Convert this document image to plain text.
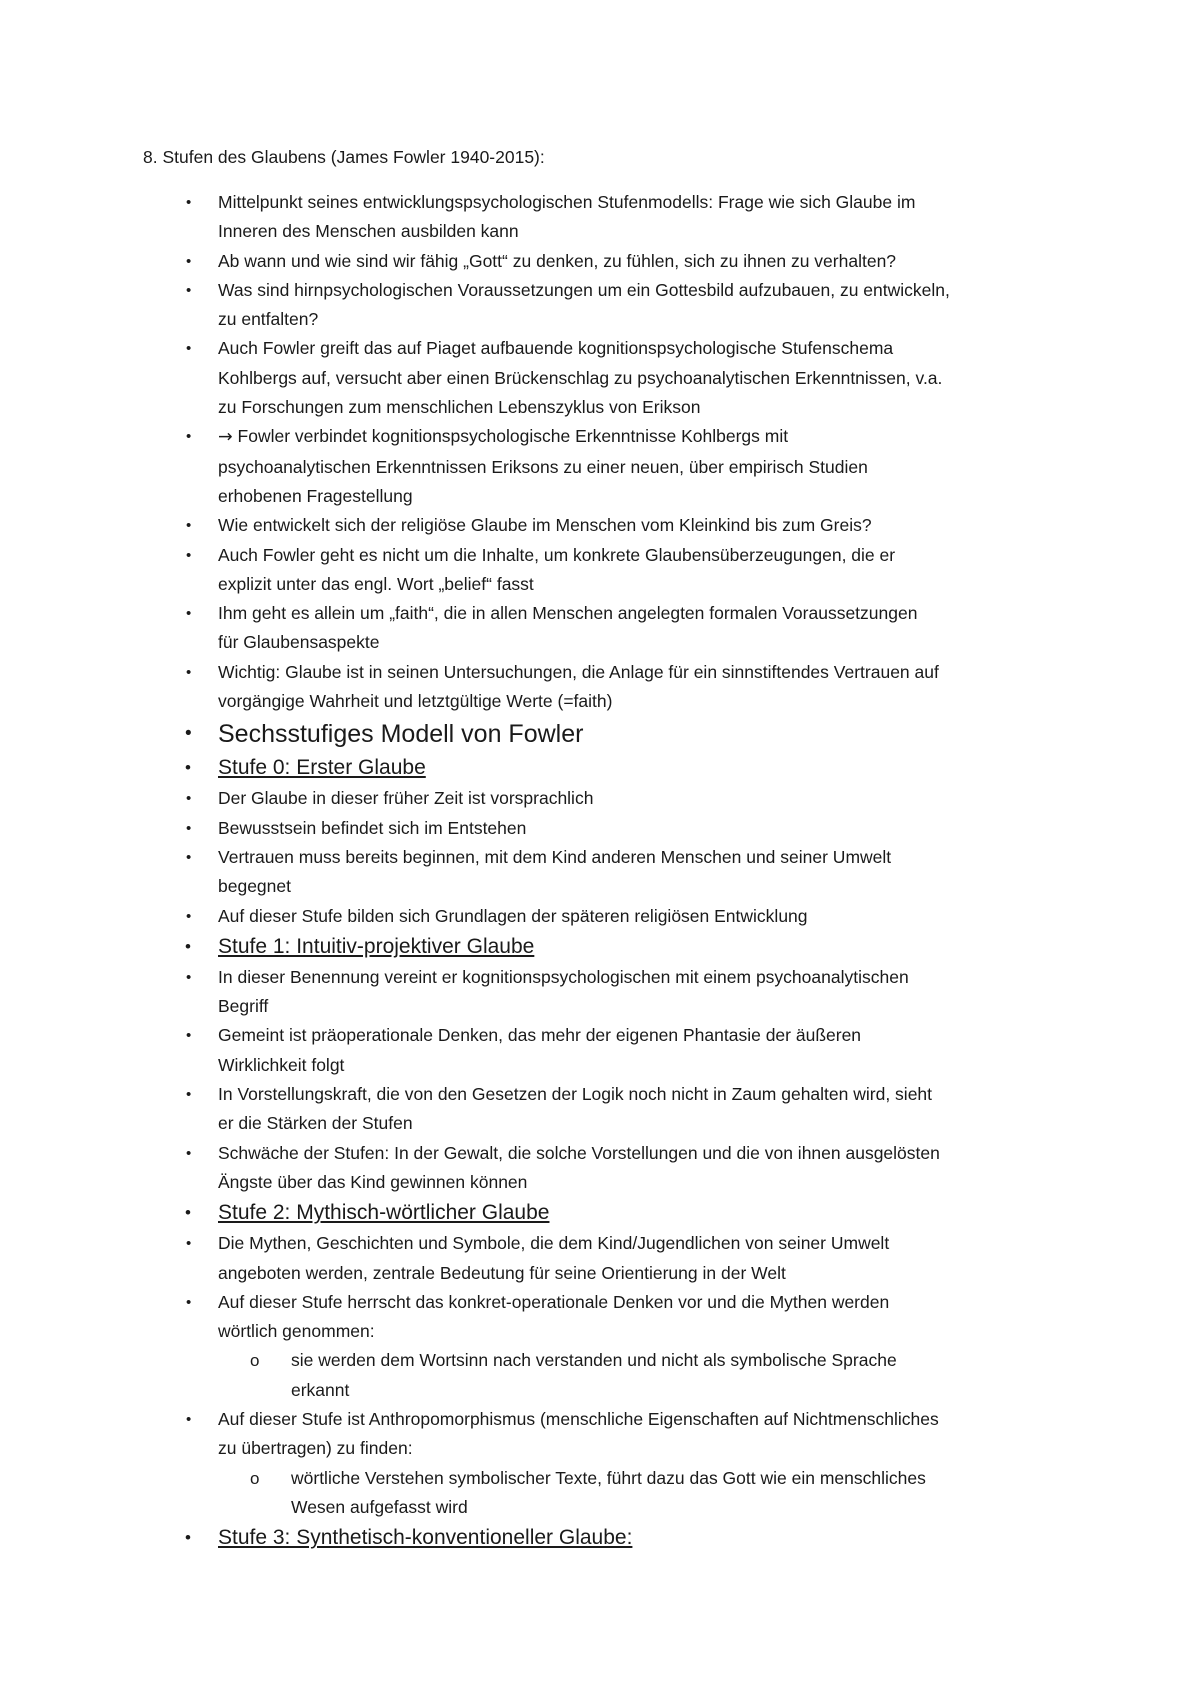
8. Stufen des Glaubens (James Fowler 1940-2015):
• Mittelpunkt seines entwicklungspsychologischen Stufenmodells: Frage wie sich Glaube im
Inneren des Menschen ausbilden kann
• Ab wann und wie sind wir fähig „Gott“ zu denken, zu fühlen, sich zu ihnen zu verhalten?
• Was sind hirnpsychologischen Voraussetzungen um ein Gottesbild aufzubauen, zu entwickeln,
zu entfalten?
• Auch Fowler greift das auf Piaget aufbauende kognitionspsychologische Stufenschema
Kohlbergs auf, versucht aber einen Brückenschlag zu psychoanalytischen Erkenntnissen, v.a.
zu Forschungen zum menschlichen Lebenszyklus von Erikson
• → Fowler verbindet kognitionspsychologische Erkenntnisse Kohlbergs mit
psychoanalytischen Erkenntnissen Eriksons zu einer neuen, über empirisch Studien
erhobenen Fragestellung
• Wie entwickelt sich der religiöse Glaube im Menschen vom Kleinkind bis zum Greis?
• Auch Fowler geht es nicht um die Inhalte, um konkrete Glaubensüberzeugungen, die er
explizit unter das engl. Wort „belief“ fasst
• Ihm geht es allein um „faith“, die in allen Menschen angelegten formalen Voraussetzungen
für Glaubensaspekte
• Wichtig: Glaube ist in seinen Untersuchungen, die Anlage für ein sinnstiftendes Vertrauen auf
vorgängige Wahrheit und letztgültige Werte (=faith)
• Sechsstufiges Modell von Fowler
• Stufe 0: Erster Glaube
• Der Glaube in dieser früher Zeit ist vorsprachlich
• Bewusstsein befindet sich im Entstehen
• Vertrauen muss bereits beginnen, mit dem Kind anderen Menschen und seiner Umwelt
begegnet
• Auf dieser Stufe bilden sich Grundlagen der späteren religiösen Entwicklung
• Stufe 1: Intuitiv-projektiver Glaube
• In dieser Benennung vereint er kognitionspsychologischen mit einem psychoanalytischen
Begriff
• Gemeint ist präoperationale Denken, das mehr der eigenen Phantasie der äußeren
Wirklichkeit folgt
• In Vorstellungskraft, die von den Gesetzen der Logik noch nicht in Zaum gehalten wird, sieht
er die Stärken der Stufen
• Schwäche der Stufen: In der Gewalt, die solche Vorstellungen und die von ihnen ausgelösten
Ängste über das Kind gewinnen können
• Stufe 2: Mythisch-wörtlicher Glaube
• Die Mythen, Geschichten und Symbole, die dem Kind/Jugendlichen von seiner Umwelt
angeboten werden, zentrale Bedeutung für seine Orientierung in der Welt
• Auf dieser Stufe herrscht das konkret-operationale Denken vor und die Mythen werden
wörtlich genommen:
o sie werden dem Wortsinn nach verstanden und nicht als symbolische Sprache
erkannt
• Auf dieser Stufe ist Anthropomorphismus (menschliche Eigenschaften auf Nichtmenschliches
zu übertragen) zu finden:
o wörtliche Verstehen symbolischer Texte, führt dazu das Gott wie ein menschliches
Wesen aufgefasst wird
• Stufe 3: Synthetisch-konventioneller Glaube:
